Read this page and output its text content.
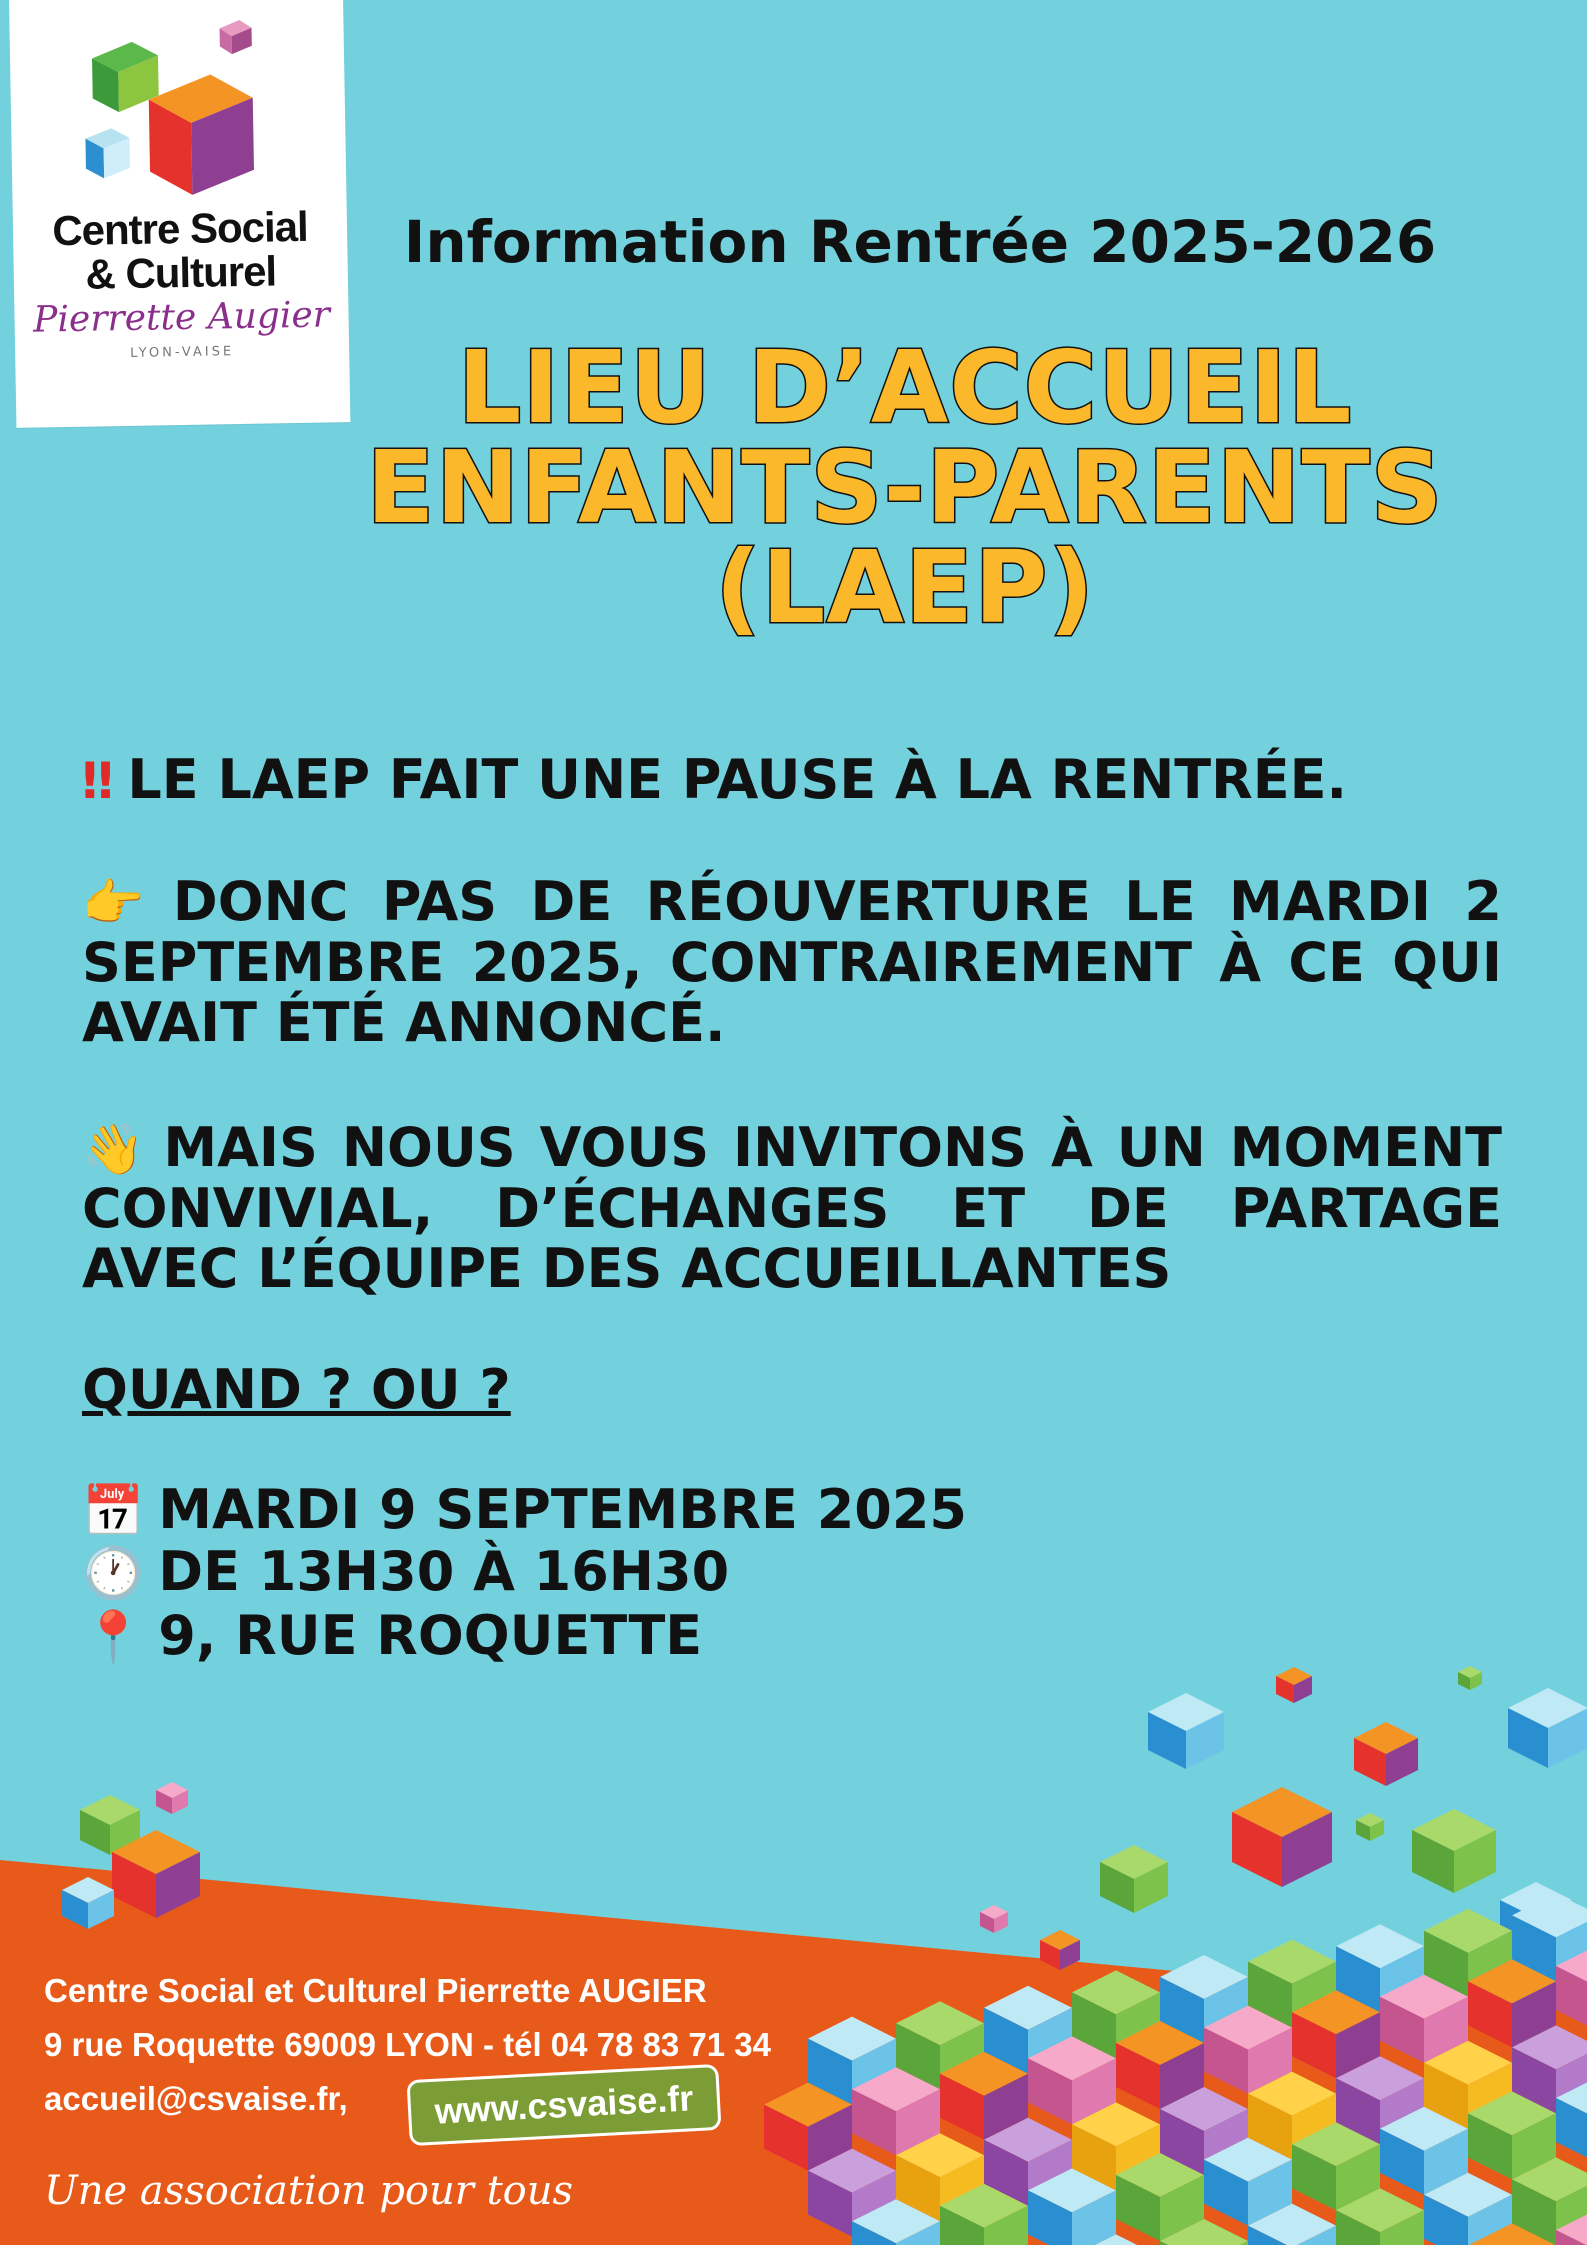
Centre Social
& Culturel
Pierrette Augier
LYON-VAISE
Information Rentrée 2025-2026
LIEU D’ACCUEIL
ENFANTS-PARENTS
(LAEP)
‼ LE LAEP FAIT UNE PAUSE À LA RENTRÉE.
👉 DONC PAS DE RÉOUVERTURE LE MARDI 2 SEPTEMBRE 2025, CONTRAIREMENT À CE QUI AVAIT ÉTÉ ANNONCÉ.
👋 MAIS NOUS VOUS INVITONS À UN MOMENT CONVIVIAL, D’ÉCHANGES ET DE PARTAGE AVEC L’ÉQUIPE DES ACCUEILLANTES
QUAND ? OU ?
📅 MARDI 9 SEPTEMBRE 2025
🕐 DE 13H30 À 16H30
📍 9, RUE ROQUETTE
Centre Social et Culturel Pierrette AUGIER
9 rue Roquette 69009 LYON - tél 04 78 83 71 34
accueil@csvaise.fr,	www.csvaise.fr
Une association pour tous
